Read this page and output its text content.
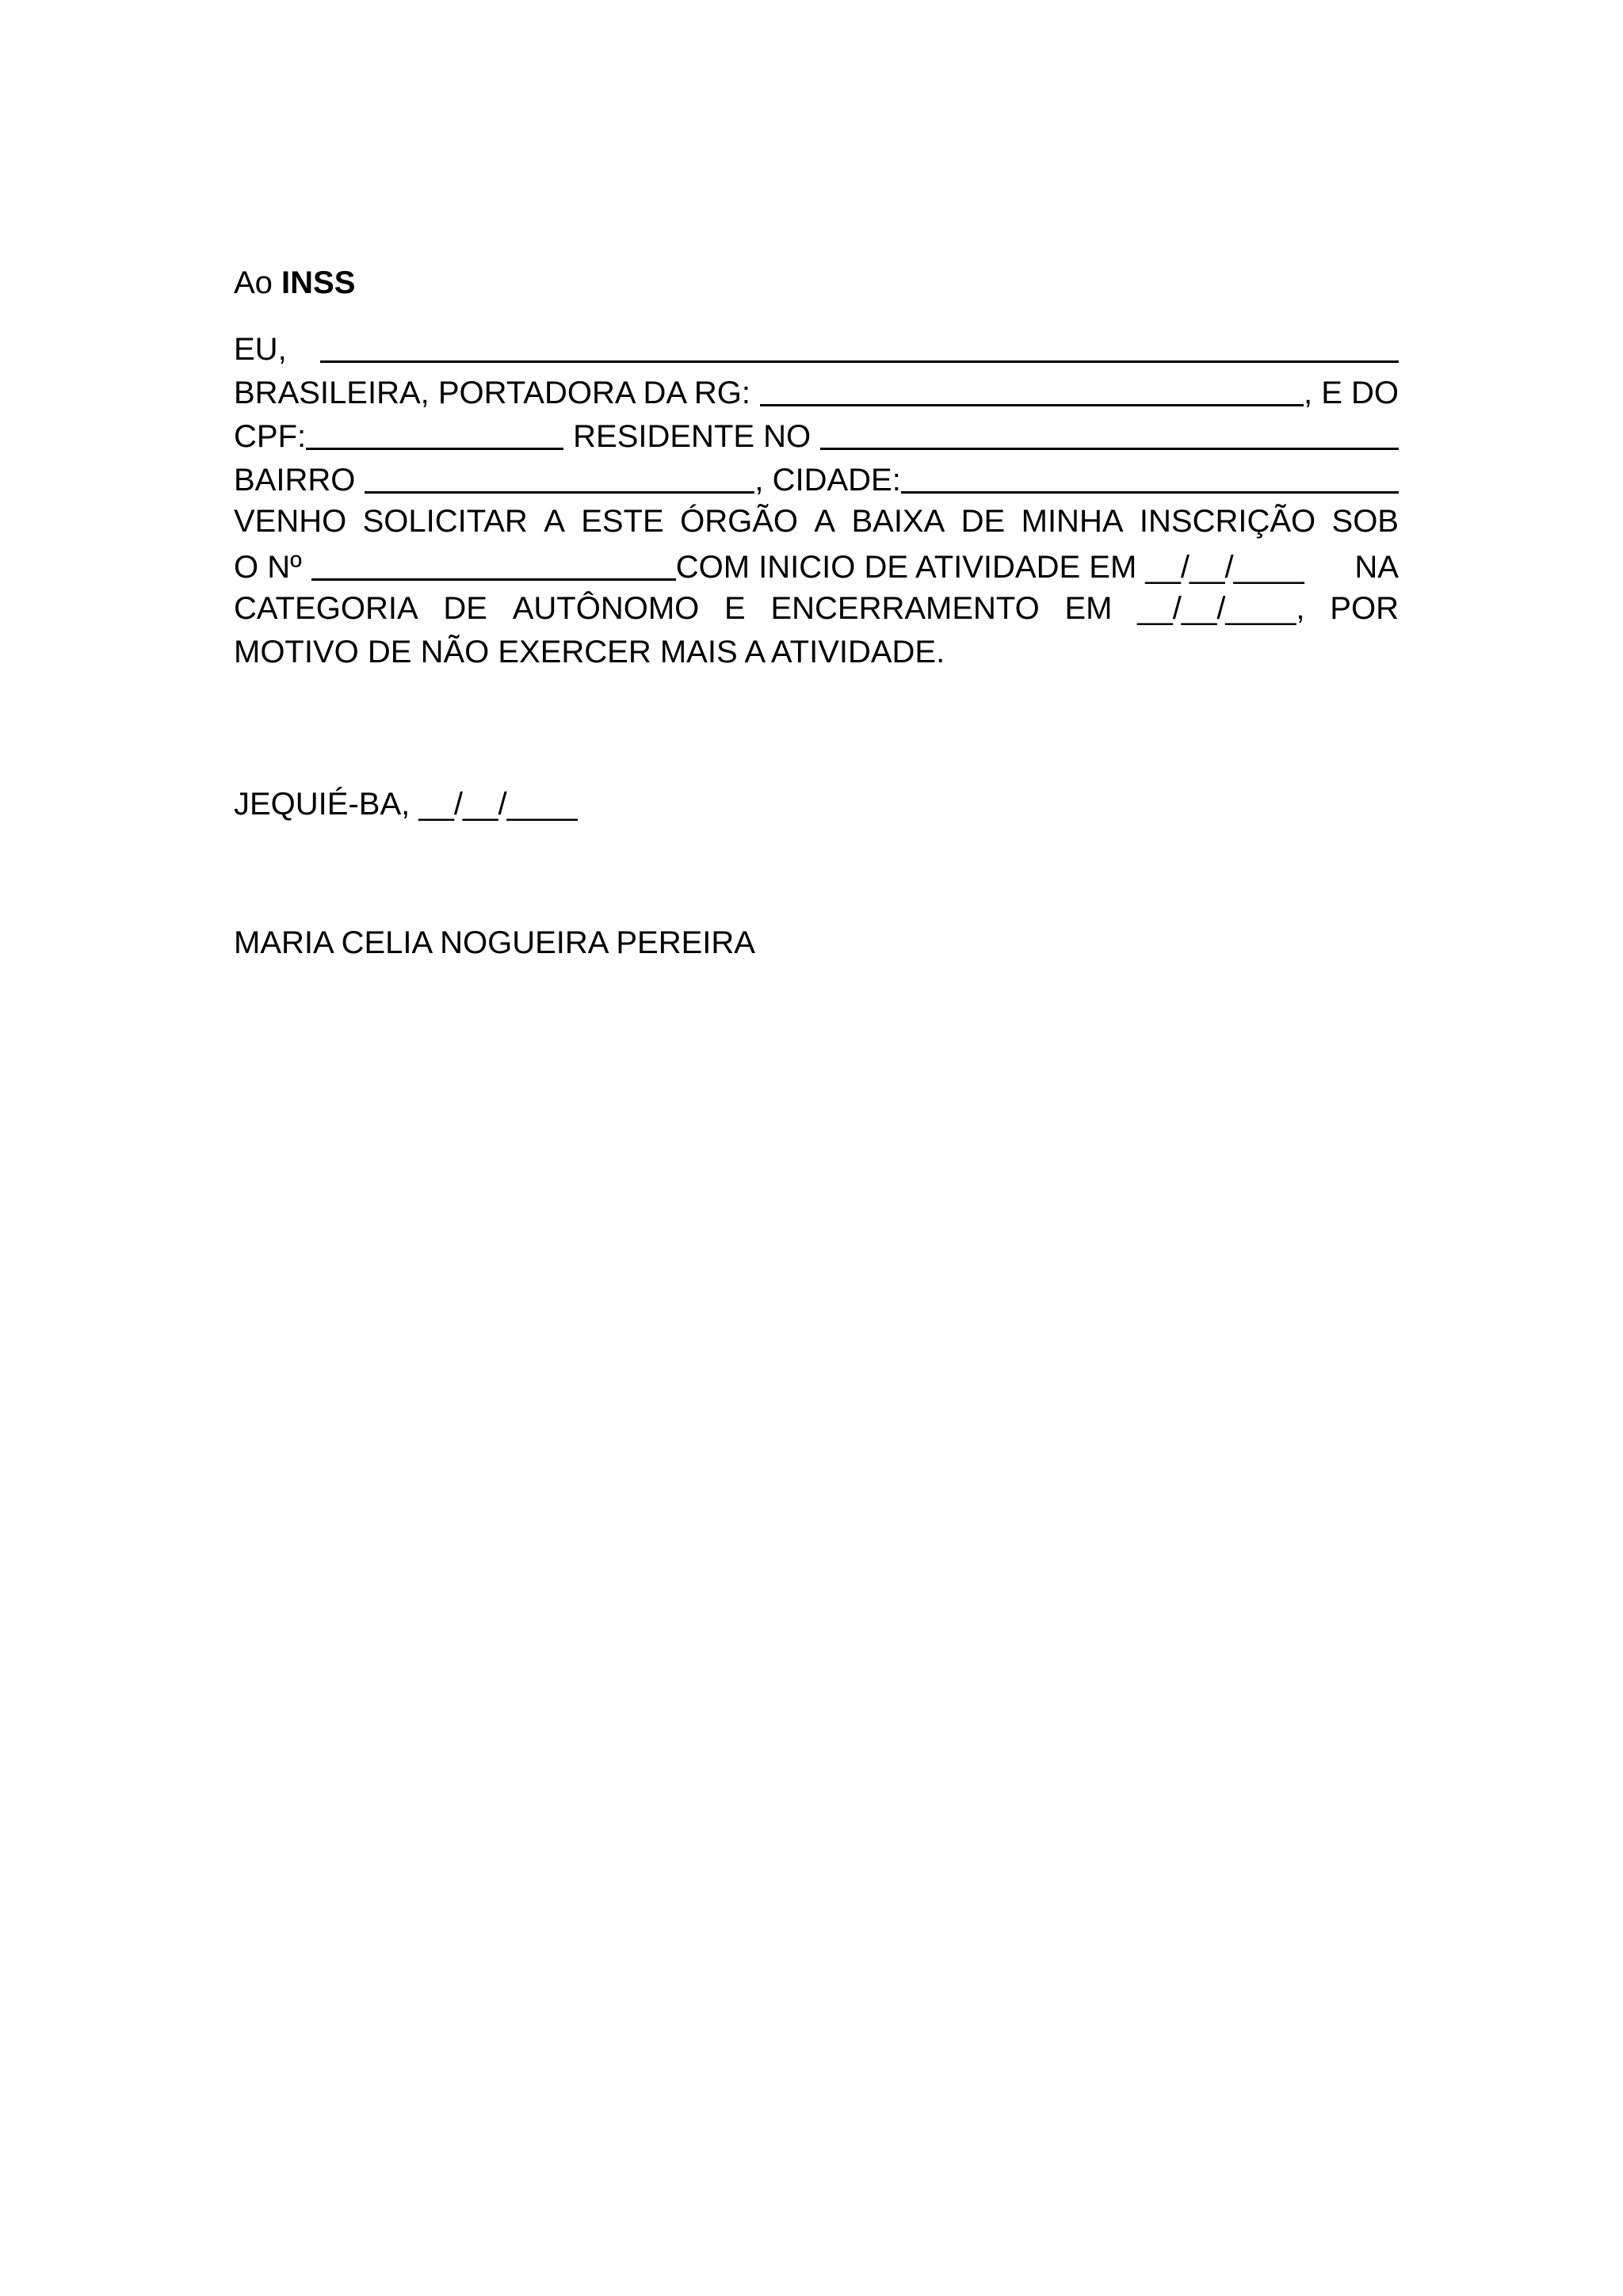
Ao INSS

EU,
BRASILEIRA, PORTADORA DA RG:	, E DO
CPF:	RESIDENTE NO
BAIRRO	, CIDADE:
VENHO SOLICITAR A ESTE ÓRGÃO A BAIXA DE MINHA INSCRIÇÃO SOB
O Nº	COM INICIO DE ATIVIDADE EM __/__/____ NA
CATEGORIA DE AUTÔNOMO E ENCERRAMENTO EM __/__/____, POR
MOTIVO DE NÃO EXERCER MAIS A ATIVIDADE.
JEQUIÉ-BA, __/__/____
MARIA CELIA NOGUEIRA PEREIRA
